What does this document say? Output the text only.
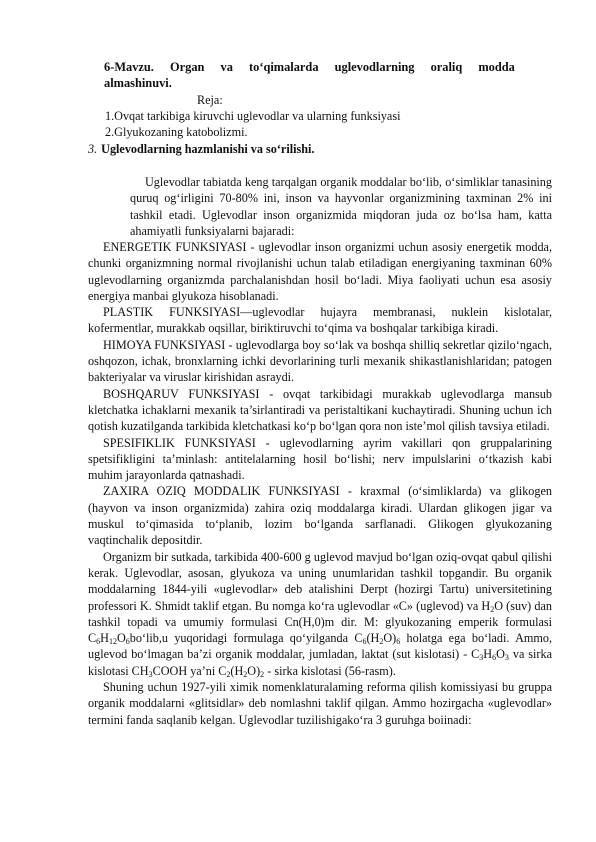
6-Mavzu. Organ va to‘qimalarda uglevodlarning oraliq modda
almashinuvi.
Reja:
1.Ovqat tarkibiga kiruvchi uglevodlar va ularning funksiyasi
2.Glyukozaning katobolizmi.
3. Uglevodlarning hazmlanishi va so‘rilishi.
Uglevodlar tabiatda keng tarqalgan organik moddalar bo‘lib, o‘simliklar tanasining quruq og‘irligini 70-80% ini, inson va hayvonlar organizmining taxminan 2% ini tashkil etadi. Uglevodlar inson organizmida miqdoran juda oz bo‘lsa ham, katta ahamiyatli funksiyalarni bajaradi:

ENERGETIK FUNKSIYASI - uglevodlar inson organizmi uchun asosiy energetik modda, chunki organizmning normal rivojlanishi uchun talab etiladigan energiyaning taxminan 60% uglevodlarning organizmda parchalanishdan hosil bo‘ladi. Miya faoliyati uchun esa asosiy energiya manbai glyukoza hisoblanadi.

PLASTIK FUNKSIYASI—uglevodlar hujayra membranasi, nuklein kislotalar, kofermentlar, murakkab oqsillar, biriktiruvchi to‘qima va boshqalar tarkibiga kiradi.

HIMOYA FUNKSIYASI - uglevodlarga boy so‘lak va boshqa shilliq sekretlar qizilo‘ngach, oshqozon, ichak, bronxlarning ichki devorlarining turli mexanik shikastlanishlaridan; patogen bakteriyalar va viruslar kirishidan asraydi.

BOSHQARUV FUNKSIYASI - ovqat tarkibidagi murakkab uglevodlarga mansub kletchatka ichaklarni mexanik ta’sirlantiradi va peristaltikani kuchaytiradi. Shuning uchun ich qotish kuzatilganda tarkibida kletchatkasi ko‘p bo‘lgan qora non iste’mol qilish tavsiya etiladi.

SPESIFIKLIK FUNKSIYASI - uglevodlarning ayrim vakillari qon gruppalarining spetsifikligini ta’minlash: antitelalarning hosil bo‘lishi; nerv impulslarini o‘tkazish kabi muhim jarayonlarda qatnashadi.

ZAXIRA OZIQ MODDALIK FUNKSIYASI - kraxmal (o‘simliklarda) va glikogen (hayvon va inson organizmida) zahira oziq moddalarga kiradi. Ulardan glikogen jigar va muskul to‘qimasida to‘planib, lozim bo‘lganda sarflanadi. Glikogen glyukozaning vaqtinchalik depositdir.

Organizm bir sutkada, tarkibida 400-600 g uglevod mavjud bo‘lgan oziq-ovqat qabul qilishi kerak. Uglevodlar, asosan, glyukoza va uning unumlaridan tashkil topgandir. Bu organik moddalarning 1844-yili «uglevodlar» deb atalishini Derpt (hozirgi Tartu) universitetining professori K. Shmidt taklif etgan. Bu nomga ko‘ra uglevodlar «C» (uglevod) va $H_2O$ (suv) dan tashkil topadi va umumiy formulasi Cn(H,0)m dir. M: glyukozaning emperik formulasi $C_6H_{12}O_6bo‘lib,u$ yuqoridagi formulaga qo‘yilganda $C_6(H_2O)_6$ holatga ega bo‘ladi. Ammo, uglevod bo‘lmagan ba’zi organik moddalar, jumladan, laktat (sut kislotasi) - $C_3H_6O_3$ va sirka kislotasi $CH_3COOH$ ya’ni $C_2(H_2O)_2$ - sirka kislotasi (56-rasm).

Shuning uchun 1927-yili ximik nomenklaturalaming reforma qilish komissiyasi bu gruppa organik moddalarni «glitsidlar» deb nomlashni taklif qilgan. Ammo hozirgacha «uglevodlar» termini fanda saqlanib kelgan. Uglevodlar tuzilishigako‘ra 3 guruhga boiinadi:
